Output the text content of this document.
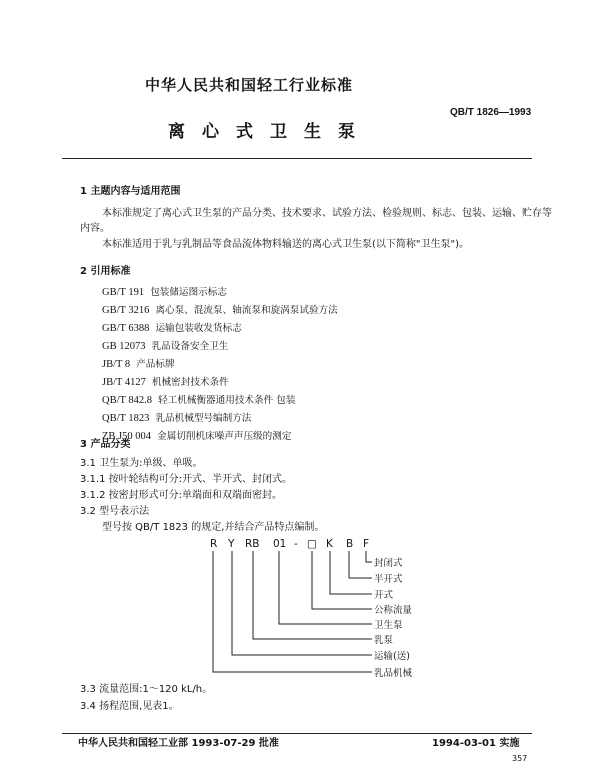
中华人民共和国轻工行业标准
QB/T 1826—1993
离心式卫生泵
1 主题内容与适用范围
本标准规定了离心式卫生泵的产品分类、技术要求、试验方法、检验规则、标志、包装、运输、贮存等
内容。
本标准适用于乳与乳制品等食品流体物料输送的离心式卫生泵(以下简称"卫生泵")。
2 引用标准
GB/T 191 包装储运图示标志
GB/T 3216 离心泵、混流泵、轴流泵和旋涡泵试验方法
GB/T 6388 运输包装收发货标志
GB 12073 乳品设备安全卫生
JB/T 8 产品标牌
JB/T 4127 机械密封技术条件
QB/T 842.8 轻工机械衡器通用技术条件 包装
QB/T 1823 乳品机械型号编制方法
ZB J50 004 金属切削机床噪声声压级的测定
3 产品分类
3.1 卫生泵为:单级、单吸。
3.1.1 按叶轮结构可分:开式、半开式、封闭式。
3.1.2 按密封形式可分:单端面和双端面密封。
3.2 型号表示法
型号按 QB/T 1823 的规定,并结合产品特点编制。
R Y RB 01 - □ K B F
封闭式
半开式
开式
公称流量
卫生泵
乳泵
运输(送)
乳品机械
3.3 流量范围:1～120 kL/h。
3.4 扬程范围,见表1。
中华人民共和国轻工业部 1993-07-29 批准	1994-03-01 实施
357
